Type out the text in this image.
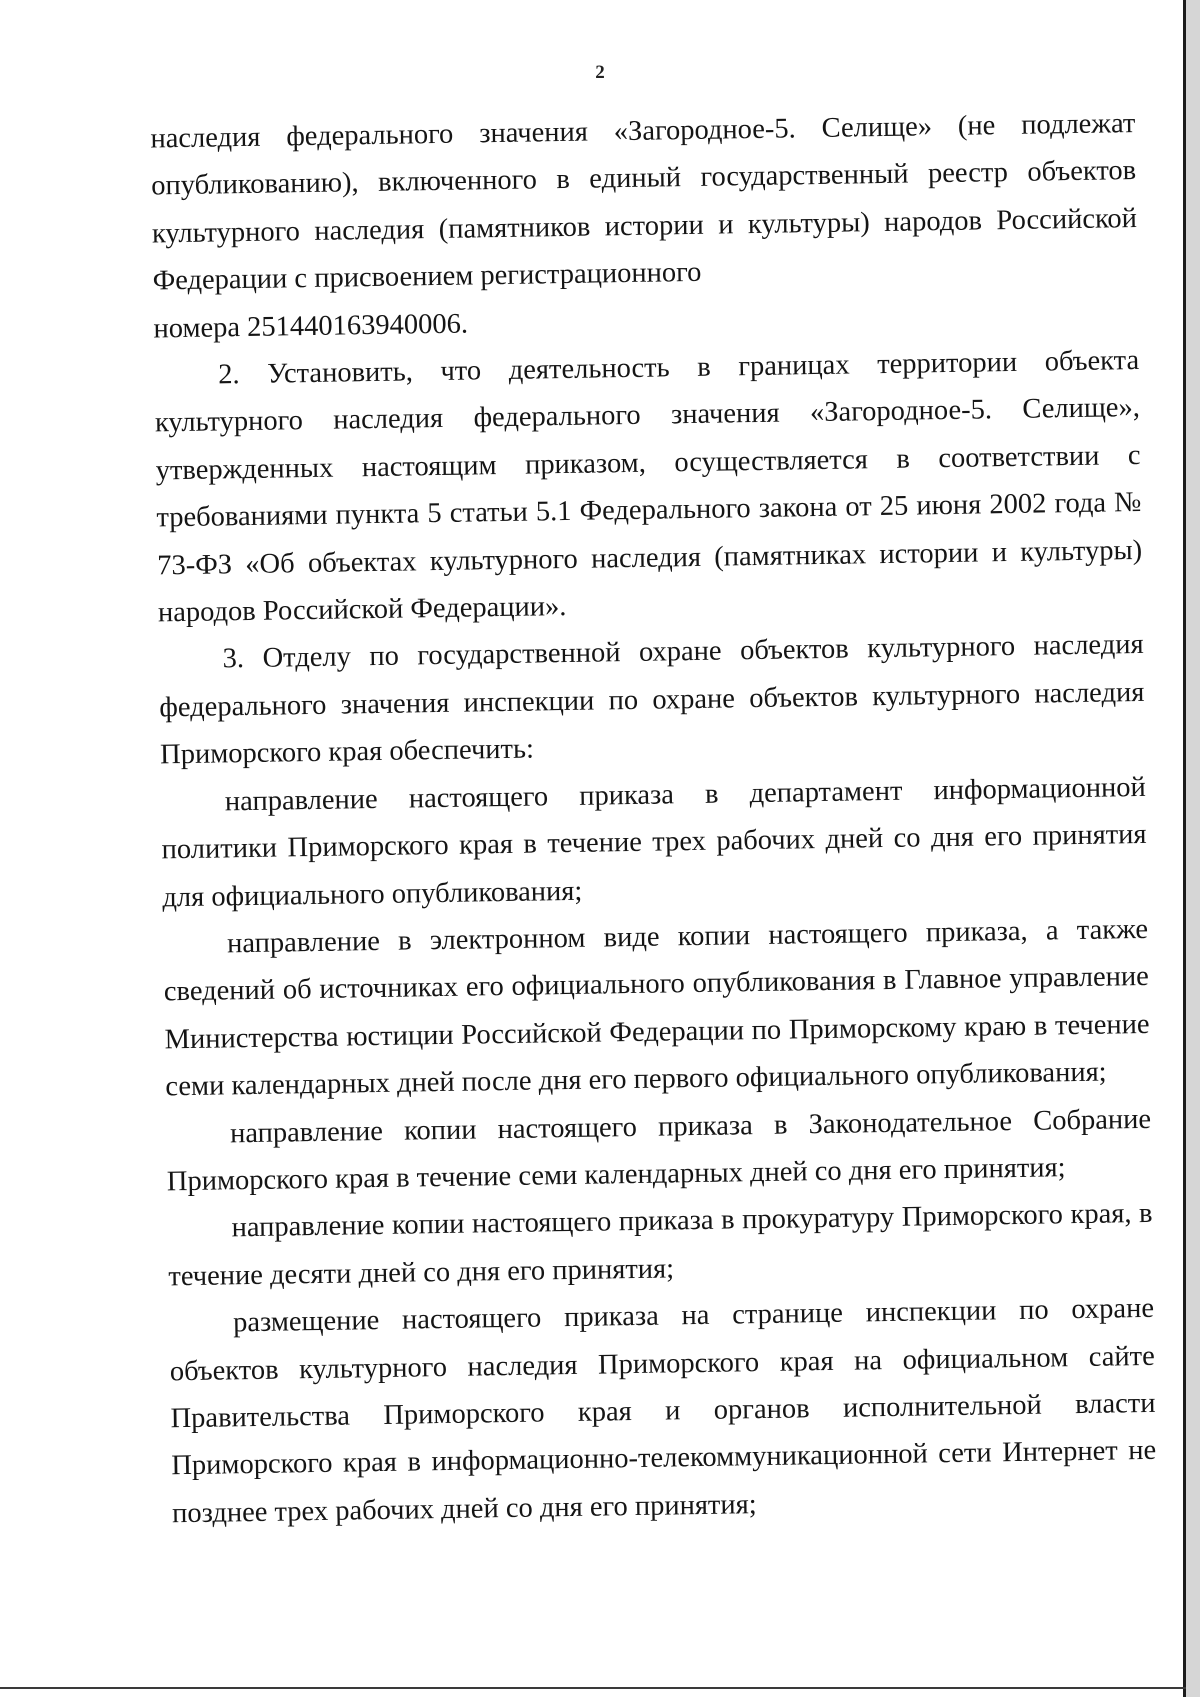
2

наследия федерального значения «Загородное-5. Селище» (не подлежат опубликованию), включенного в единый государственный реестр объектов культурного наследия (памятников истории и культуры) народов Российской Федерации с присвоением регистрационного
номера 251440163940006.

2. Установить, что деятельность в границах территории объекта культурного наследия федерального значения «Загородное-5. Селище», утвержденных настоящим приказом, осуществляется в соответствии с требованиями пункта 5 статьи 5.1 Федерального закона от 25 июня 2002 года № 73-ФЗ «Об объектах культурного наследия (памятниках истории и культуры) народов Российской Федерации».

3. Отделу по государственной охране объектов культурного наследия федерального значения инспекции по охране объектов культурного наследия Приморского края обеспечить:

направление настоящего приказа в департамент информационной политики Приморского края в течение трех рабочих дней со дня его принятия для официального опубликования;

направление в электронном виде копии настоящего приказа, а также сведений об источниках его официального опубликования в Главное управление Министерства юстиции Российской Федерации по Приморскому краю в течение семи календарных дней после дня его первого официального опубликования;

направление копии настоящего приказа в Законодательное Собрание Приморского края в течение семи календарных дней со дня его принятия;

направление копии настоящего приказа в прокуратуру Приморского края, в течение десяти дней со дня его принятия;

размещение настоящего приказа на странице инспекции по охране объектов культурного наследия Приморского края на официальном сайте Правительства Приморского края и органов исполнительной власти Приморского края в информационно-телекоммуникационной сети Интернет не позднее трех рабочих дней со дня его принятия;
